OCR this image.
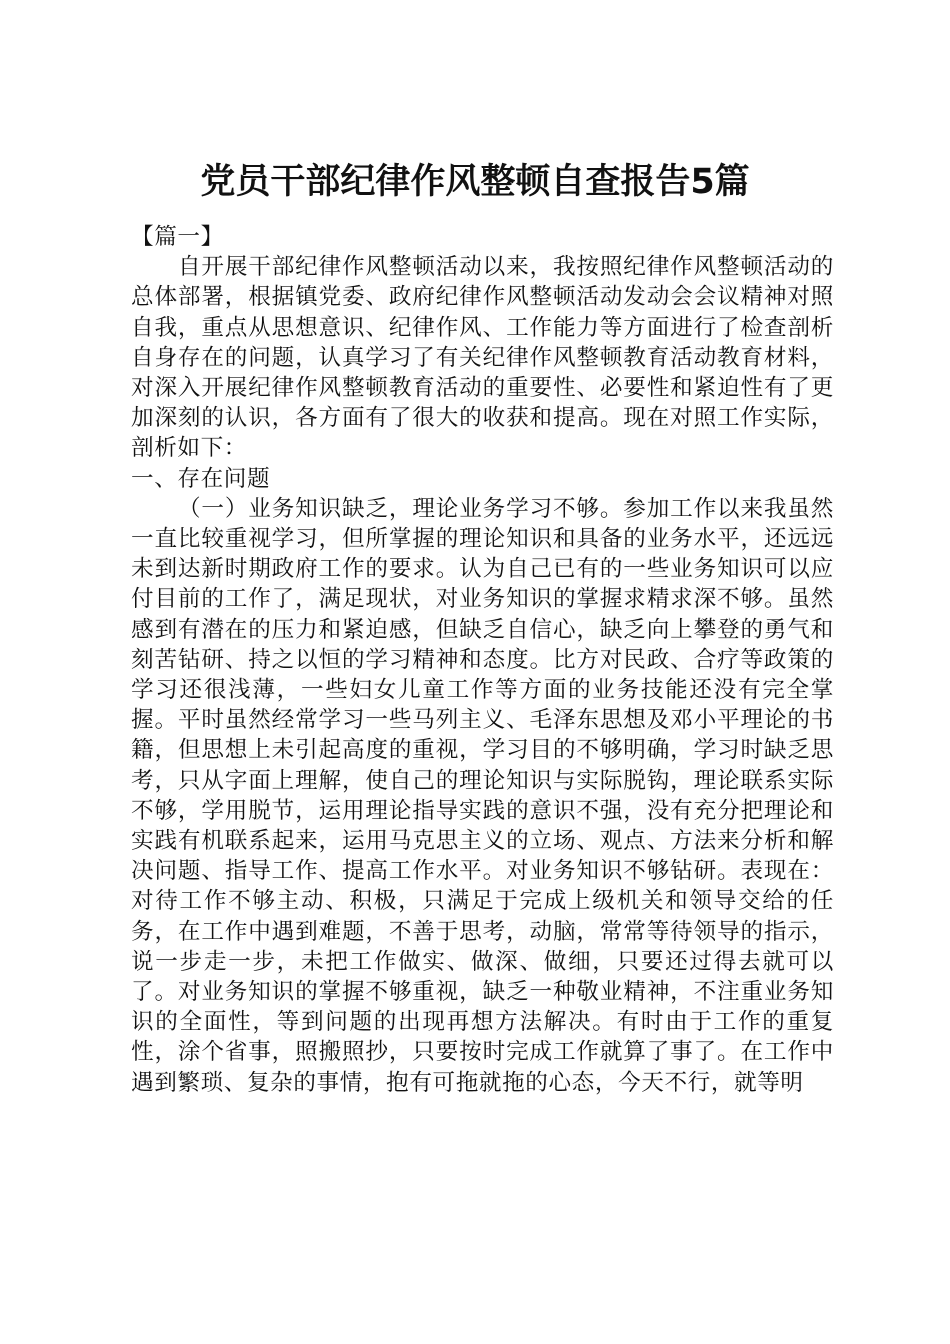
党员干部纪律作风整顿自查报告5篇

【篇一】

自开展干部纪律作风整顿活动以来，我按照纪律作风整顿活动的总体部署，根据镇党委、政府纪律作风整顿活动发动会会议精神对照自我，重点从思想意识、纪律作风、工作能力等方面进行了检查剖析自身存在的问题，认真学习了有关纪律作风整顿教育活动教育材料，对深入开展纪律作风整顿教育活动的重要性、必要性和紧迫性有了更加深刻的认识，各方面有了很大的收获和提高。现在对照工作实际，剖析如下：

一、存在问题

（一）业务知识缺乏，理论业务学习不够。参加工作以来我虽然一直比较重视学习，但所掌握的理论知识和具备的业务水平，还远远未到达新时期政府工作的要求。认为自己已有的一些业务知识可以应付目前的工作了，满足现状，对业务知识的掌握求精求深不够。虽然感到有潜在的压力和紧迫感，但缺乏自信心，缺乏向上攀登的勇气和刻苦钻研、持之以恒的学习精神和态度。比方对民政、合疗等政策的学习还很浅薄，一些妇女儿童工作等方面的业务技能还没有完全掌握。平时虽然经常学习一些马列主义、毛泽东思想及邓小平理论的书籍，但思想上未引起高度的重视，学习目的不够明确，学习时缺乏思考，只从字面上理解，使自己的理论知识与实际脱钩，理论联系实际不够，学用脱节，运用理论指导实践的意识不强，没有充分把理论和实践有机联系起来，运用马克思主义的立场、观点、方法来分析和解决问题、指导工作、提高工作水平。对业务知识不够钻研。表现在：对待工作不够主动、积极，只满足于完成上级机关和领导交给的任务，在工作中遇到难题，不善于思考，动脑，常常等待领导的指示，说一步走一步，未把工作做实、做深、做细，只要还过得去就可以了。对业务知识的掌握不够重视，缺乏一种敬业精神，不注重业务知识的全面性，等到问题的出现再想方法解决。有时由于工作的重复性，涂个省事，照搬照抄，只要按时完成工作就算了事了。在工作中遇到繁琐、复杂的事情，抱有可拖就拖的心态，今天不行，就等明
